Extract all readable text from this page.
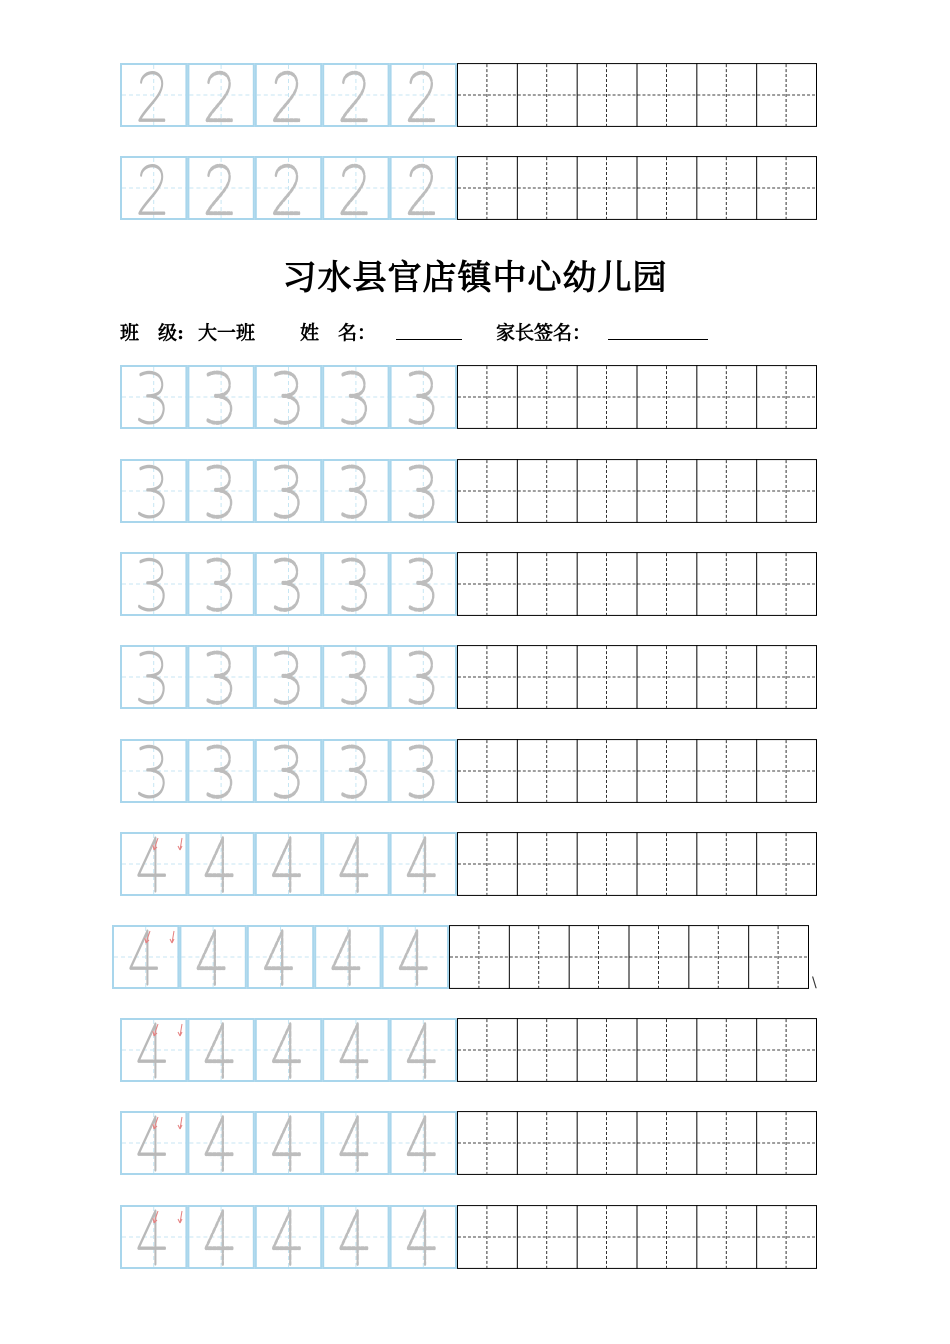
习水县官店镇中心幼儿园
班　级: 大一班 姓　名：	家长签名：
\
